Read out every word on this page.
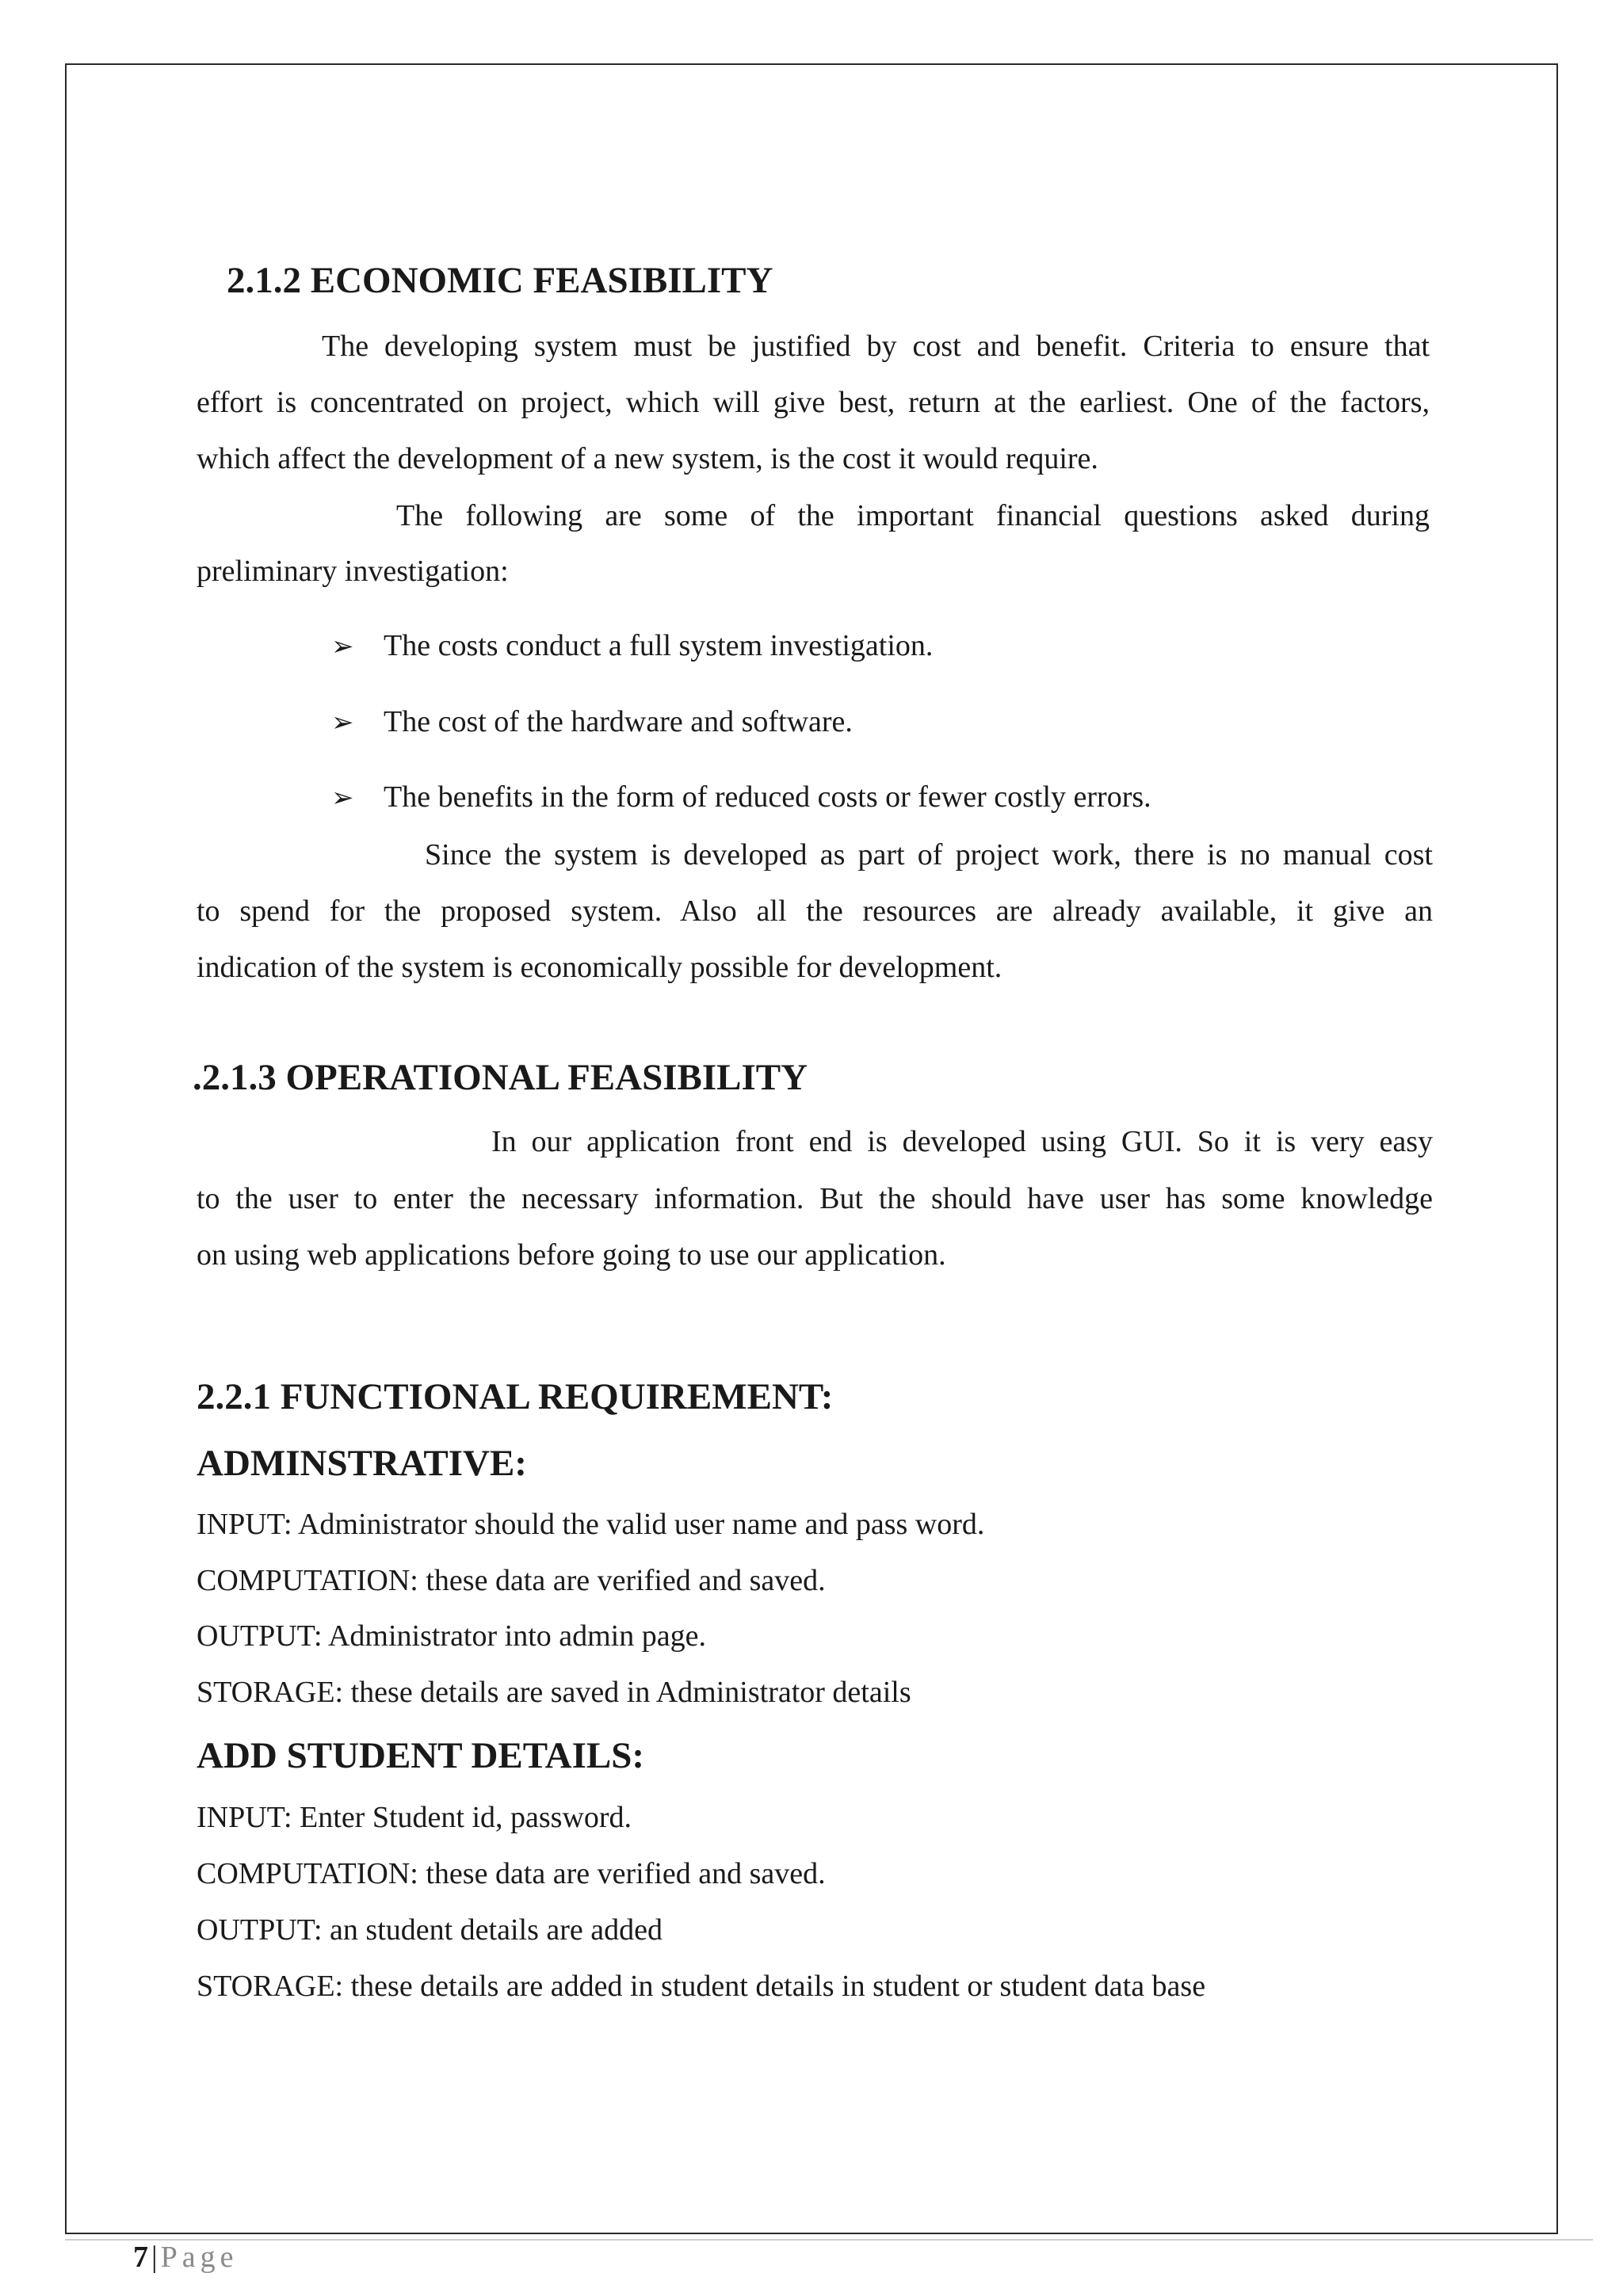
2.1.2 ECONOMIC FEASIBILITY
The developing system must be justified by cost and benefit. Criteria to ensure that
effort is concentrated on project, which will give best, return at the earliest. One of the factors,
which affect the development of a new system, is the cost it would require.
The following are some of the important financial questions asked during
preliminary investigation:
➢ The costs conduct a full system investigation.
➢ The cost of the hardware and software.
➢ The benefits in the form of reduced costs or fewer costly errors.
Since the system is developed as part of project work, there is no manual cost
to spend for the proposed system. Also all the resources are already available, it give an
indication of the system is economically possible for development.
.2.1.3 OPERATIONAL FEASIBILITY
In our application front end is developed using GUI. So it is very easy
to the user to enter the necessary information. But the should have user has some knowledge
on using web applications before going to use our application.
2.2.1 FUNCTIONAL REQUIREMENT:
ADMINSTRATIVE:
INPUT: Administrator should the valid user name and pass word.
COMPUTATION: these data are verified and saved.
OUTPUT: Administrator into admin page.
STORAGE: these details are saved in Administrator details
ADD STUDENT DETAILS:
INPUT: Enter Student id, password.
COMPUTATION: these data are verified and saved.
OUTPUT: an student details are added
STORAGE: these details are added in student details in student or student data base
7 | Page
